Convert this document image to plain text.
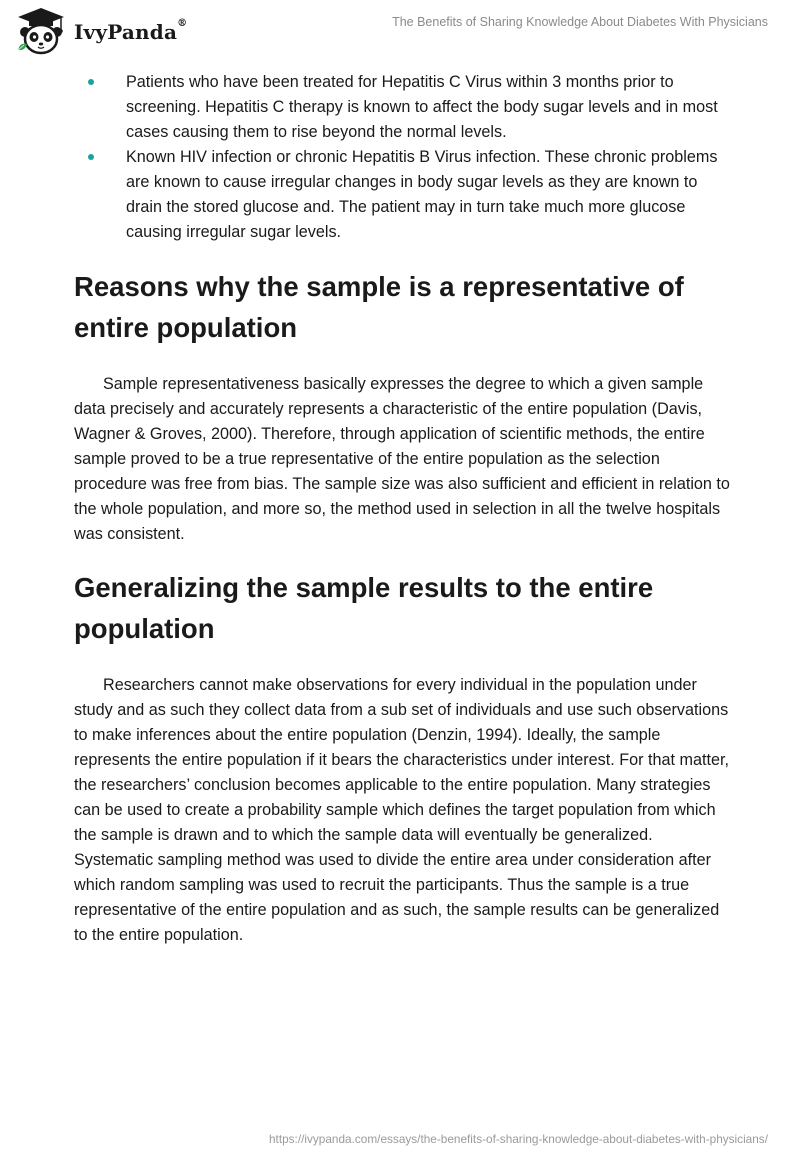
IvyPanda®	The Benefits of Sharing Knowledge About Diabetes With Physicians
Patients who have been treated for Hepatitis C Virus within 3 months prior to screening. Hepatitis C therapy is known to affect the body sugar levels and in most cases causing them to rise beyond the normal levels.
Known HIV infection or chronic Hepatitis B Virus infection. These chronic problems are known to cause irregular changes in body sugar levels as they are known to drain the stored glucose and. The patient may in turn take much more glucose causing irregular sugar levels.
Reasons why the sample is a representative of entire population

Sample representativeness basically expresses the degree to which a given sample data precisely and accurately represents a characteristic of the entire population (Davis, Wagner & Groves, 2000). Therefore, through application of scientific methods, the entire sample proved to be a true representative of the entire population as the selection procedure was free from bias. The sample size was also sufficient and efficient in relation to the whole population, and more so, the method used in selection in all the twelve hospitals was consistent.

Generalizing the sample results to the entire population

Researchers cannot make observations for every individual in the population under study and as such they collect data from a sub set of individuals and use such observations to make inferences about the entire population (Denzin, 1994). Ideally, the sample represents the entire population if it bears the characteristics under interest. For that matter, the researchers’ conclusion becomes applicable to the entire population. Many strategies can be used to create a probability sample which defines the target population from which the sample is drawn and to which the sample data will eventually be generalized. Systematic sampling method was used to divide the entire area under consideration after which random sampling was used to recruit the participants. Thus the sample is a true representative of the entire population and as such, the sample results can be generalized to the entire population.

https://ivypanda.com/essays/the-benefits-of-sharing-knowledge-about-diabetes-with-physicians/
